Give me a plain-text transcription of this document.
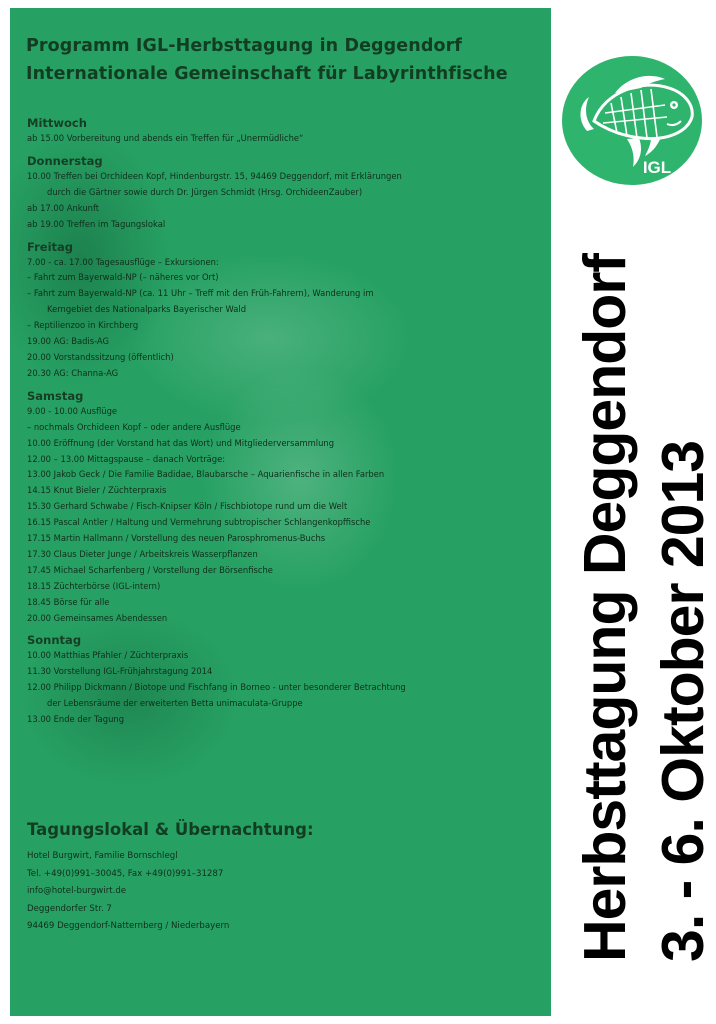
Programm IGL-Herbsttagung in Deggendorf
Internationale Gemeinschaft für Labyrinthfische
Mittwoch
ab 15.00 Vorbereitung und abends ein Treffen für „Unermüdliche“
Donnerstag
10.00 Treffen bei Orchideen Kopf, Hindenburgstr. 15, 94469 Deggendorf, mit Erklärungen
durch die Gärtner sowie durch Dr. Jürgen Schmidt (Hrsg. OrchideenZauber)
ab 17.00 Ankunft
ab 19.00 Treffen im Tagungslokal
Freitag
7.00 - ca. 17.00 Tagesausflüge – Exkursionen:
– Fahrt zum Bayerwald-NP (– näheres vor Ort)
– Fahrt zum Bayerwald-NP (ca. 11 Uhr – Treff mit den Früh-Fahrern), Wanderung im
Kerngebiet des Nationalparks Bayerischer Wald
– Reptilienzoo in Kirchberg
19.00 AG: Badis-AG
20.00 Vorstandssitzung (öffentlich)
20.30 AG: Channa-AG
Samstag
9.00 - 10.00 Ausflüge
– nochmals Orchideen Kopf – oder andere Ausflüge
10.00 Eröffnung (der Vorstand hat das Wort) und Mitgliederversammlung
12.00 – 13.00 Mittagspause – danach Vorträge:
13.00 Jakob Geck / Die Familie Badidae, Blaubarsche – Aquarienfische in allen Farben
14.15 Knut Bieler / Züchterpraxis
15.30 Gerhard Schwabe / Fisch-Knipser Köln / Fischbiotope rund um die Welt
16.15 Pascal Antler / Haltung und Vermehrung subtropischer Schlangenkopffische
17.15 Martin Hallmann / Vorstellung des neuen Parosphromenus-Buchs
17.30 Claus Dieter Junge / Arbeitskreis Wasserpflanzen
17.45 Michael Scharfenberg / Vorstellung der Börsenfische
18.15 Züchterbörse (IGL-intern)
18.45 Börse für alle
20.00 Gemeinsames Abendessen
Sonntag
10.00 Matthias Pfahler / Züchterpraxis
11.30 Vorstellung IGL-Frühjahrstagung 2014
12.00 Philipp Dickmann / Biotope und Fischfang in Borneo - unter besonderer Betrachtung
der Lebensräume der erweiterten Betta unimaculata-Gruppe
13.00 Ende der Tagung
Tagungslokal & Übernachtung:
Hotel Burgwirt, Familie Bornschlegl
Tel. +49(0)991–30045, Fax +49(0)991–31287
info@hotel-burgwirt.de
Deggendorfer Str. 7
94469 Deggendorf-Natternberg / Niederbayern
IGL
Herbsttagung Deggendorf 3. - 6. Oktober 2013
